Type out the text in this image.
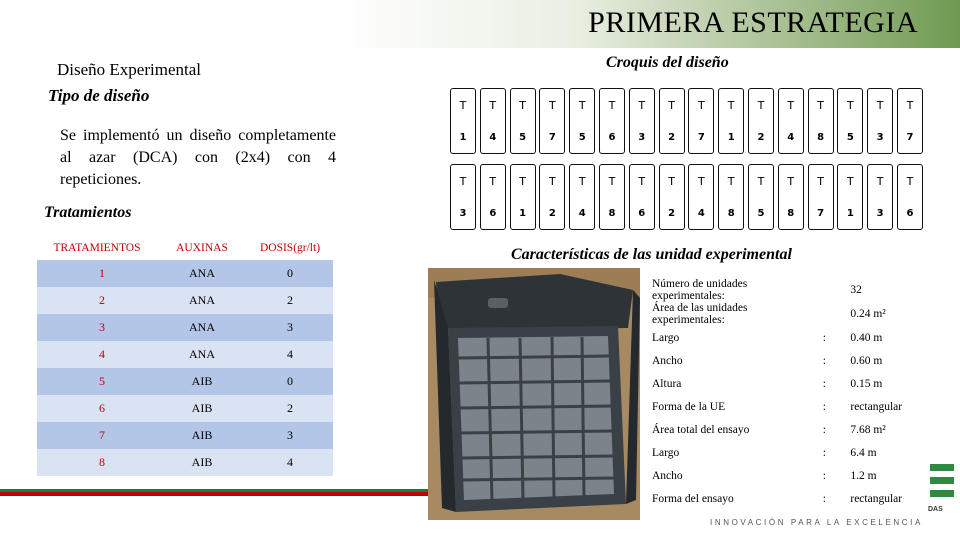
PRIMERA ESTRATEGIA
Diseño Experimental
Tipo de diseño

Se implementó un diseño completamente al azar (DCA) con (2x4) con 4 repeticiones.

Tratamientos
TRATAMIENTOS	AUXINAS	DOSIS(gr/lt)
1	ANA	0
2	ANA	2
3	ANA	3
4	ANA	4
5	AIB	0
6	AIB	2
7	AIB	3
8	AIB	4
Croquis del diseño
T
1
T
4
T
5
T
7
T
5
T
6
T
3
T
2
T
7
T
1
T
2
T
4
T
8
T
5
T
3
T
7
T
3
T
6
T
1
T
2
T
4
T
8
T
6
T
2
T
4
T
8
T
5
T
8
T
7
T
1
T
3
T
6
Características de las unidad experimental
Número de unidades experimentales:		32
Área de las unidades experimentales:		0.24 m²
Largo	:	0.40 m
Ancho	:	0.60 m
Altura	:	0.15 m
Forma de la UE	:	rectangular
Área total del ensayo	:	7.68 m²
Largo	:	6.4 m
Ancho	:	1.2 m
Forma del ensayo	:	rectangular
DAS
INNOVACIÓN PARA LA EXCELENCIA
